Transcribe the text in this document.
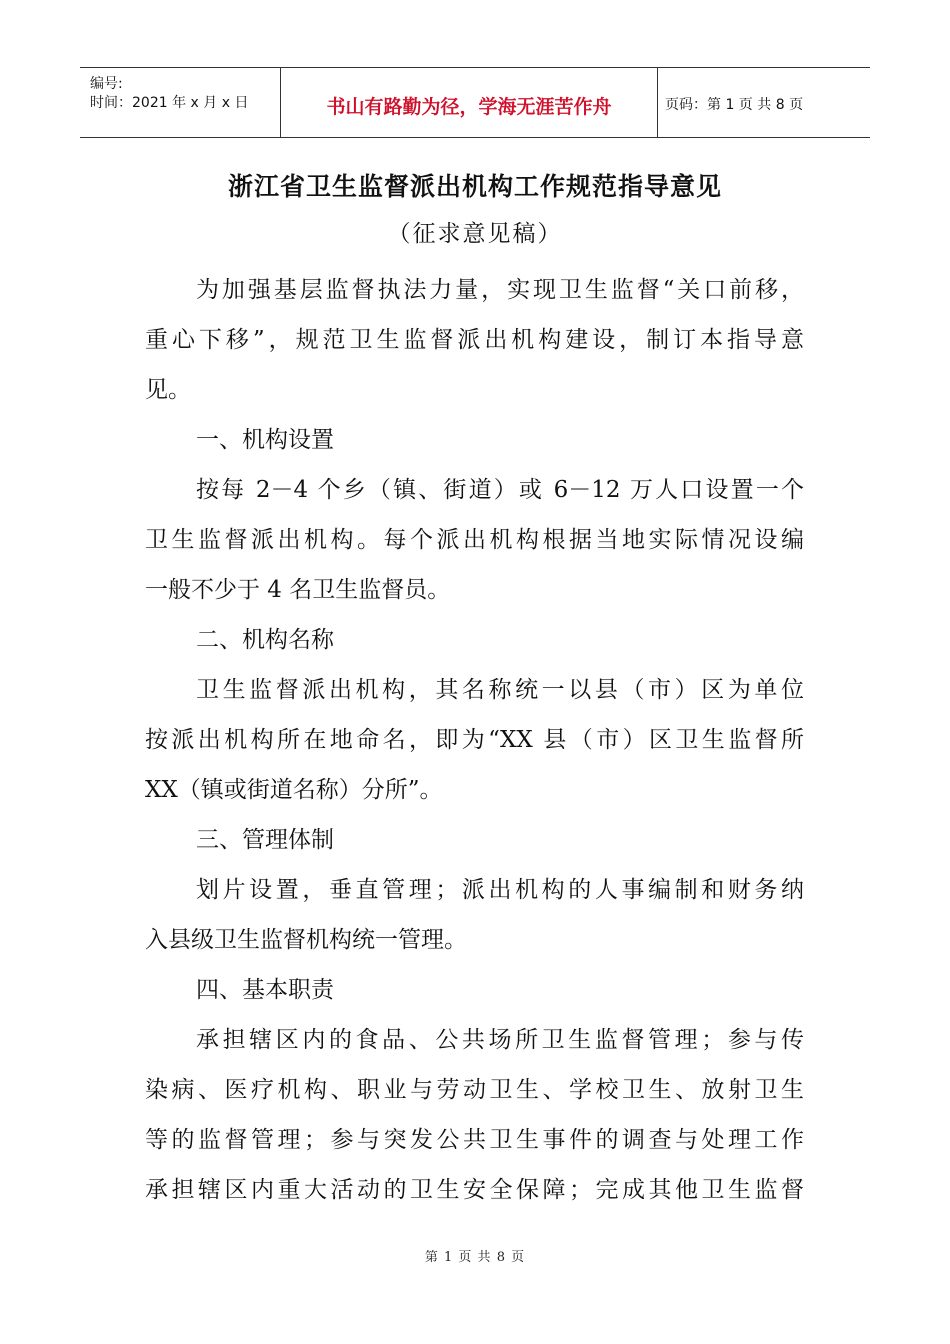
编号:
时间：2021 年 x 月 x 日	书山有路勤为径，学海无涯苦作舟	页码：第 1 页 共 8 页
浙江省卫生监督派出机构工作规范指导意见
（征求意见稿）
为加强基层监督执法力量，实现卫生监督“关口前移，
重心下移”，规范卫生监督派出机构建设，制订本指导意
见。
一、机构设置
按每 2－4 个乡（镇、街道）或 6－12 万人口设置一个
卫生监督派出机构。每个派出机构根据当地实际情况设编
一般不少于 4 名卫生监督员。
二、机构名称
卫生监督派出机构，其名称统一以县（市）区为单位
按派出机构所在地命名，即为“XX 县（市）区卫生监督所
XX（镇或街道名称）分所”。
三、管理体制
划片设置，垂直管理；派出机构的人事编制和财务纳
入县级卫生监督机构统一管理。
四、基本职责
承担辖区内的食品、公共场所卫生监督管理；参与传
染病、医疗机构、职业与劳动卫生、学校卫生、放射卫生
等的监督管理；参与突发公共卫生事件的调查与处理工作
承担辖区内重大活动的卫生安全保障；完成其他卫生监督
第 1 页 共 8 页
